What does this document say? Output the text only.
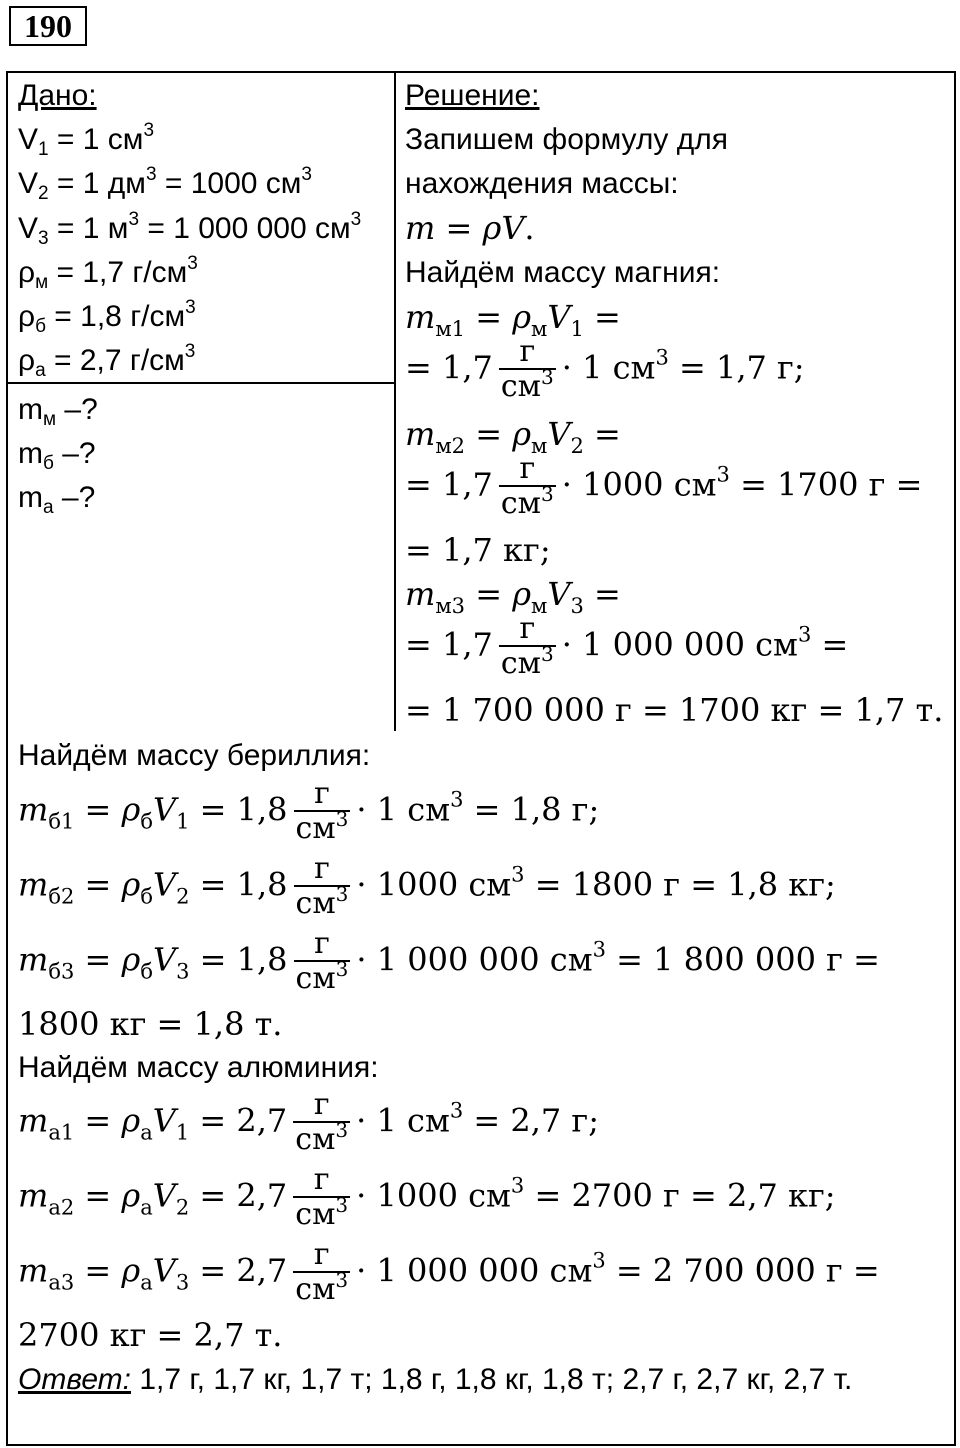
190
Дано:
$V_1 = 1$ $см^3$
$V_2 = 1$ $дм^3 = 1000$ $см^3$
$V_3 = 1$ $м^3 = 1$ 000 000 $см^3$
$\rho_м = 1,7$ $г/см^3$
$\rho_б = 1,8$ $г/см^3$
$\rho_а = 2,7$ $г/см^3$
$m_м$ –?
$m_б$ –?
$m_а$ –?
Решение:
Запишем формулу для
нахождения массы:
m = ρV.
Найдём массу магния:
$m_{м1} = \rho_мV_1$ =
= $1,7 \frac{г}{см^3} \cdot 1$ $см^3 = 1,7$ г;
$m_{м2} = \rho_мV_2$ =
= $1,7 \frac{г}{см^3} \cdot 1000$ $см^3 = 1700$ г =
= 1,7 кг;
$m_{м3} = \rho_мV_3$ =
= $1,7 \frac{г}{см^3} \cdot 1$ 000 000 $см^3$ =
= 1 700 000 г = 1700 кг = 1,7 т.
Найдём массу бериллия:
$m_{б1} = \rho_бV_1 = 1,8 \frac{г}{см^3} \cdot 1$ $см^3 = 1,8$ г;
$m_{б2} = \rho_бV_2 = 1,8 \frac{г}{см^3} \cdot 1000$ $см^3 = 1800$ г = 1,8 кг;
$m_{б3} = \rho_бV_3 = 1,8 \frac{г}{см^3} \cdot 1$ 000 000 $см^3 = 1$ 800 000 г =
1800 кг = 1,8 т.
Найдём массу алюминия:
$m_{а1} = \rho_аV_1 = 2,7 \frac{г}{см^3} \cdot 1$ $см^3 = 2,7$ г;
$m_{а2} = \rho_аV_2 = 2,7 \frac{г}{см^3} \cdot 1000$ $см^3 = 2700$ г = 2,7 кг;
$m_{а3} = \rho_аV_3 = 2,7 \frac{г}{см^3} \cdot 1$ 000 000 $см^3 = 2$ 700 000 г =
2700 кг = 2,7 т.
Ответ: 1,7 г, 1,7 кг, 1,7 т; 1,8 г, 1,8 кг, 1,8 т; 2,7 г, 2,7 кг, 2,7 т.
